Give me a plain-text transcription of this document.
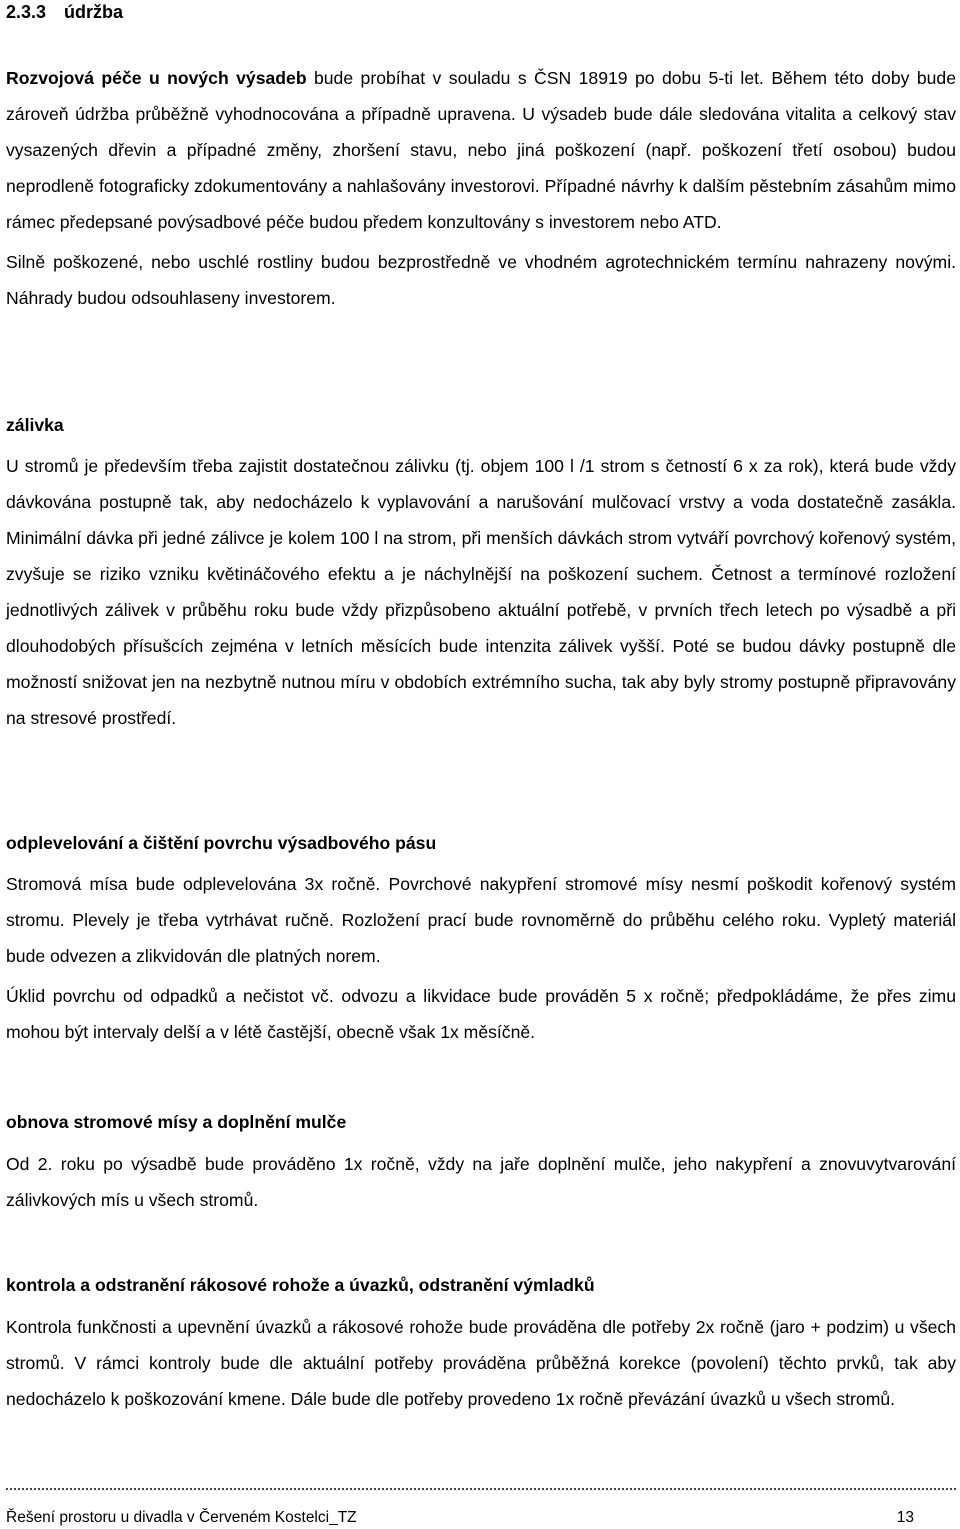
2.3.3 údržba

Rozvojová péče u nových výsadeb bude probíhat v souladu s ČSN 18919 po dobu 5-ti let. Během této doby bude zároveň údržba průběžně vyhodnocována a případně upravena. U výsadeb bude dále sledována vitalita a celkový stav vysazených dřevin a případné změny, zhoršení stavu, nebo jiná poškození (např. poškození třetí osobou) budou neprodleně fotograficky zdokumentovány a nahlašovány investorovi. Případné návrhy k dalším pěstebním zásahům mimo rámec předepsané povýsadbové péče budou předem konzultovány s investorem nebo ATD.

Silně poškozené, nebo uschlé rostliny budou bezprostředně ve vhodném agrotechnickém termínu nahrazeny novými. Náhrady budou odsouhlaseny investorem.

zálivka

U stromů je především třeba zajistit dostatečnou zálivku (tj. objem 100 l /1 strom s četností 6 x za rok), která bude vždy dávkována postupně tak, aby nedocházelo k vyplavování a narušování mulčovací vrstvy a voda dostatečně zasákla. Minimální dávka při jedné zálivce je kolem 100 l na strom, při menších dávkách strom vytváří povrchový kořenový systém, zvyšuje se riziko vzniku květináčového efektu a je náchylnější na poškození suchem. Četnost a termínové rozložení jednotlivých zálivek v průběhu roku bude vždy přizpůsobeno aktuální potřebě, v prvních třech letech po výsadbě a při dlouhodobých přísušcích zejména v letních měsících bude intenzita zálivek vyšší. Poté se budou dávky postupně dle možností snižovat jen na nezbytně nutnou míru v obdobích extrémního sucha, tak aby byly stromy postupně připravovány na stresové prostředí.

odplevelování a čištění povrchu výsadbového pásu

Stromová mísa bude odplevelována 3x ročně. Povrchové nakypření stromové mísy nesmí poškodit kořenový systém stromu. Plevely je třeba vytrhávat ručně. Rozložení prací bude rovnoměrně do průběhu celého roku. Vypletý materiál bude odvezen a zlikvidován dle platných norem.

Úklid povrchu od odpadků a nečistot vč. odvozu a likvidace bude prováděn 5 x ročně; předpokládáme, že přes zimu mohou být intervaly delší a v létě častější, obecně však 1x měsíčně.

obnova stromové mísy a doplnění mulče

Od 2. roku po výsadbě bude prováděno 1x ročně, vždy na jaře doplnění mulče, jeho nakypření a znovuvytvarování zálivkových mís u všech stromů.

kontrola a odstranění rákosové rohože a úvazků, odstranění výmladků

Kontrola funkčnosti a upevnění úvazků a rákosové rohože bude prováděna dle potřeby 2x ročně (jaro + podzim) u všech stromů. V rámci kontroly bude dle aktuální potřeby prováděna průběžná korekce (povolení) těchto prvků, tak aby nedocházelo k poškozování kmene. Dále bude dle potřeby provedeno 1x ročně převázání úvazků u všech stromů.

Řešení prostoru u divadla v Červeném Kostelci_TZ	13
